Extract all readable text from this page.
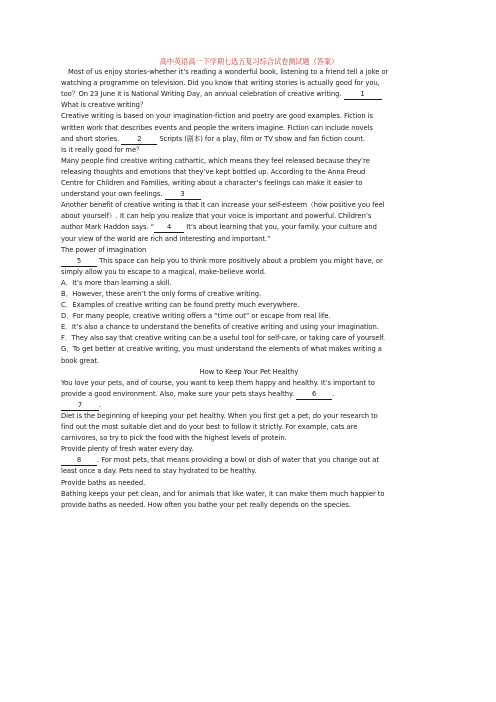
高中英语高一下学期七选五复习综合试卷测试题（答案）
Most of us enjoy stories-whether it’s reading a wonderful book, listening to a friend tell a joke or
watching a programme on television. Did you know that writing stories is actually good for you,
too？On 23 June it is National Writing Day, an annual celebration of creative writing.	1
What is creative writing？
Creative writing is based on your imagination-fiction and poetry are good examples. Fiction is
written work that describes events and people the writers imagine. Fiction can include novels
and short stories.	2	Scripts (剧本) for a play, film or TV show and fan fiction count.
Is it really good for me？
Many people find creative writing cathartic, which means they feel released because they’re
releasing thoughts and emotions that they’ve kept bottled up. According to the Anna Freud
Centre for Children and Families, writing about a character’s feelings can make it easier to
understand your own feelings.	3
Another benefit of creative writing is that it can increase your self-esteem（how positive you feel
about yourself）. It can help you realize that your voice is important and powerful. Children’s
author Mark Haddon says. “ 4 It’s about learning that you, your family. your culture and
your view of the world are rich and interesting and important.”
The power of imagination
5	This space can help you to think more positively about a problem you might have, or
simply allow you to escape to a magical, make-believe world.
A．It’s more than learning a skill.
B．However, these aren’t the only forms of creative writing.
C．Examples of creative writing can be found pretty much everywhere.
D．For many people, creative writing offers a “time out” or escape from real life.
E．It’s also a chance to understand the benefits of creative writing and using your imagination.
F．They also say that creative writing can be a useful tool for self-care, or taking care of yourself.
G．To get better at creative writing, you must understand the elements of what makes writing a
book great.
How to Keep Your Pet Healthy
You love your pets, and of course, you want to keep them happy and healthy. It’s important to
provide a good environment. Also, make sure your pets stays healthy.	6 .
7	.
Diet is the beginning of keeping your pet healthy. When you first get a pet, do your research to
find out the most suitable diet and do your best to follow it strictly. For example, cats are
carnivores, so try to pick the food with the highest levels of protein.
Provide plenty of fresh water every day.
8 . For most pets, that means providing a bowl or dish of water that you change out at
least once a day. Pets need to stay hydrated to be healthy.
Provide baths as needed.
Bathing keeps your pet clean, and for animals that like water, it can make them much happier to
provide baths as needed. How often you bathe your pet really depends on the species.
